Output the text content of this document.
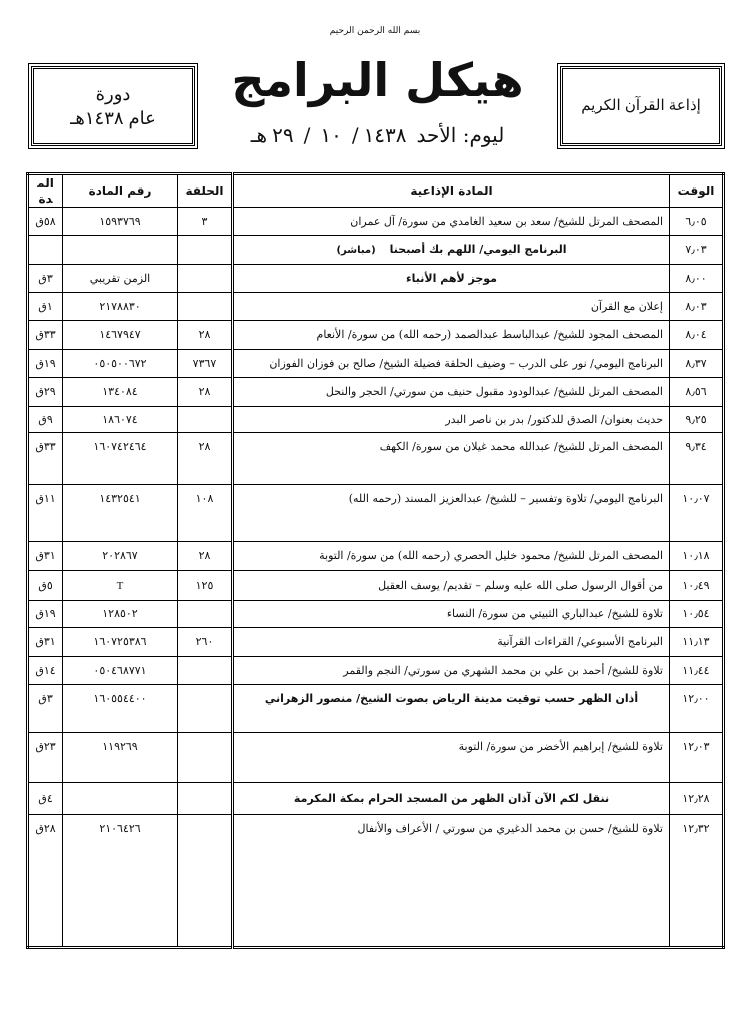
بسم الله الرحمن الرحيم
دورة
عام ١٤٣٨هـ
هيكل البرامج
ليوم: الأحد٢٩ / ١٠ /١٤٣٨هـ
إذاعة القرآن الكريم
الوقت	المادة الإذاعية	الحلقة	رقم المادة	المدة
٦٫٠٥	المصحف المرتل للشيخ/ سعد بن سعيد الغامدي من سورة/ آل عمران	٣	١٥٩٣٧٦٩	٥٨ق
٧٫٠٣	البرنامج اليومي/ اللهم بك أصبحنا(مباشر)			
٨٫٠٠	موجز لأهم الأنباء		الزمن تقريبي	٣ق
٨٫٠٣	إعلان مع القرآن		٢١٧٨٨٣٠	١ق
٨٫٠٤	المصحف المجود للشيخ/ عبدالباسط عبدالصمد (رحمه الله) من سورة/ الأنعام	٢٨	١٤٦٧٩٤٧	٣٣ق
٨٫٣٧	البرنامج اليومي/ نور على الدرب – وضيف الحلقة فضيلة الشيخ/ صالح بن فوزان الفوزان	٧٣٦٧	٠٥٠٥٠٠٦٧٢	١٩ق
٨٫٥٦	المصحف المرتل للشيخ/ عبدالودود مقبول حنيف من سورتي/ الحجر والنحل	٢٨	١٣٤٠٨٤	٢٩ق
٩٫٢٥	حديث بعنوان/ الصدق للدكتور/ بدر بن ناصر البدر		١٨٦٠٧٤	٩ق
٩٫٣٤	المصحف المرتل للشيخ/ عبدالله محمد غيلان من سورة/ الكهف	٢٨	١٦٠٧٤٢٤٦٤	٣٣ق
١٠٫٠٧	البرنامج اليومي/ تلاوة وتفسير – للشيخ/ عبدالعزيز المسند (رحمه الله)	١٠٨	١٤٣٢٥٤١	١١ق
١٠٫١٨	المصحف المرتل للشيخ/ محمود خليل الحصري (رحمه الله) من سورة/ التوبة	٢٨	٢٠٢٨٦٧	٣١ق
١٠٫٤٩	من أقوال الرسول صلى الله عليه وسلم – تقديم/ يوسف العقيل	١٢٥	T	٥ق
١٠٫٥٤	تلاوة للشيخ/ عبدالباري الثبيتي من سورة/ النساء		١٢٨٥٠٢	١٩ق
١١٫١٣	البرنامج الأسبوعي/ القراءات القرآنية	٢٦٠	١٦٠٧٢٥٣٨٦	٣١ق
١١٫٤٤	تلاوة للشيخ/ أحمد بن علي بن محمد الشهري من سورتي/ النجم والقمر		٠٥٠٤٦٨٧٧١	١٤ق
١٢٫٠٠	أذان الظهر حسب توقيت مدينة الرياض بصوت الشيخ/ منصور الزهراني		١٦٠٥٥٤٤٠٠	٣ق
١٢٫٠٣	تلاوة للشيخ/ إبراهيم الأخضر من سورة/ التوبة		١١٩٢٦٩	٢٣ق
١٢٫٢٨	ننقل لكم الآن آذان الظهر من المسجد الحرام بمكة المكرمة			٤ق
١٢٫٣٢	تلاوة للشيخ/ حسن بن محمد الدغيري من سورتي / الأعراف والأنفال		٢١٠٦٤٢٦	٢٨ق
